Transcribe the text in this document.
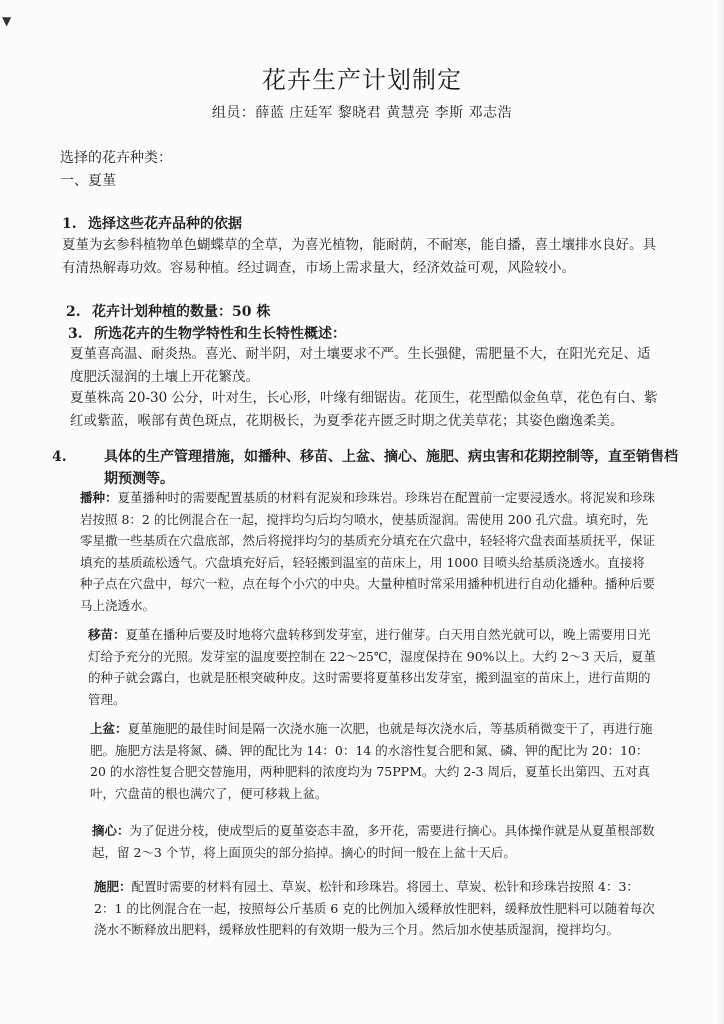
▼
花卉生产计划制定
组员：薛蓝 庄廷军 黎晓君 黄慧亮 李斯 邓志浩
选择的花卉种类：
一、夏堇
1. 选择这些花卉品种的依据
夏堇为玄参科植物单色蝴蝶草的全草，为喜光植物，能耐荫，不耐寒，能自播，喜土壤排水良好。具有清热解毒功效。容易种植。经过调查，市场上需求量大，经济效益可观，风险较小。
2. 花卉计划种植的数量：50 株
3. 所选花卉的生物学特性和生长特性概述：
夏堇喜高温、耐炎热。喜光、耐半阴，对土壤要求不严。生长强健，需肥量不大，在阳光充足、适度肥沃湿润的土壤上开花繁茂。
夏堇株高 20-30 公分，叶对生，长心形，叶缘有细锯齿。花顶生，花型酷似金鱼草，花色有白、紫红或紫蓝，喉部有黄色斑点，花期极长，为夏季花卉匮乏时期之优美草花；其姿色幽逸柔美。
4.	具体的生产管理措施，如播种、移苗、上盆、摘心、施肥、病虫害和花期控制等，直至销售档期预测等。
播种：夏堇播种时的需要配置基质的材料有泥炭和珍珠岩。珍珠岩在配置前一定要浸透水。将泥炭和珍珠岩按照 8：2 的比例混合在一起，搅拌均匀后均匀喷水，使基质湿润。需使用 200 孔穴盘。填充时，先零星撒一些基质在穴盘底部，然后将搅拌均匀的基质充分填充在穴盘中，轻轻将穴盘表面基质抚平，保证填充的基质疏松透气。穴盘填充好后，轻轻搬到温室的苗床上，用 1000 目喷头给基质浇透水。直接将种子点在穴盘中，每穴一粒，点在每个小穴的中央。大量种植时常采用播种机进行自动化播种。播种后要马上浇透水。
移苗：夏堇在播种后要及时地将穴盘转移到发芽室，进行催芽。白天用自然光就可以，晚上需要用日光灯给予充分的光照。发芽室的温度要控制在 22～25℃，湿度保持在 90%以上。大约 2～3 天后，夏堇的种子就会露白，也就是胚根突破种皮。这时需要将夏堇移出发芽室，搬到温室的苗床上，进行苗期的管理。
上盆：夏堇施肥的最佳时间是隔一次浇水施一次肥，也就是每次浇水后，等基质稍微变干了，再进行施肥。施肥方法是将氮、磷、钾的配比为 14：0：14 的水溶性复合肥和氮、磷、钾的配比为 20：10：20 的水溶性复合肥交替施用，两种肥料的浓度均为 75PPM。大约 2-3 周后，夏堇长出第四、五对真叶，穴盘苗的根也满穴了，便可移栽上盆。
摘心：为了促进分枝，使成型后的夏堇姿态丰盈，多开花，需要进行摘心。具体操作就是从夏堇根部数起，留 2～3 个节，将上面顶尖的部分掐掉。摘心的时间一般在上盆十天后。
施肥：配置时需要的材料有园土、草炭、松针和珍珠岩。将园土、草炭、松针和珍珠岩按照 4：3：2：1 的比例混合在一起，按照每公斤基质 6 克的比例加入缓释放性肥料，缓释放性肥料可以随着每次浇水不断释放出肥料，缓释放性肥料的有效期一般为三个月。然后加水使基质湿润，搅拌均匀。
